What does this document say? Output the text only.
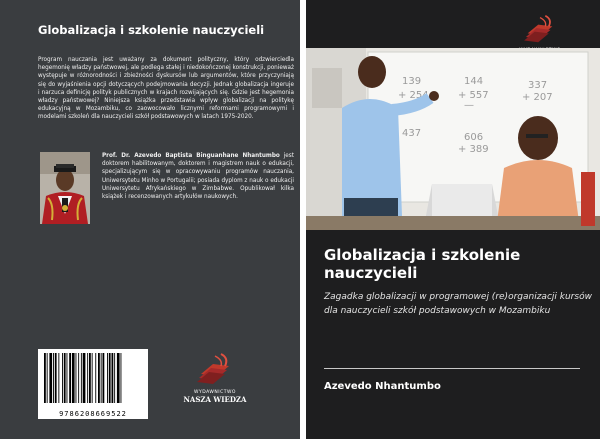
Globalizacja i szkolenie nauczycieli
Program nauczania jest uważany za dokument polityczny, który odzwierciedla hegemonię władzy państwowej, ale podlega stałej i niedokończonej konstrukcji, ponieważ występuje w różnorodności i zbieżności dyskursów lub argumentów, które przyczyniają się do wyjaśnienia opcji dotyczących podejmowania decyzji. Jednak globalizacja ingeruje i narzuca definicję polityk publicznych w krajach rozwijających się. Gdzie jest hegemonia władzy państwowej? Niniejsza książka przedstawia wpływ globalizacji na politykę edukacyjną w Mozambiku, co zaowocowało licznymi reformami programowymi i modelami szkoleń dla nauczycieli szkół podstawowych w latach 1975-2020.
Prof. Dr. Azevedo Baptista Binguanhane Nhantumbo jest doktorem habilitowanym, doktorem i magistrem nauk o edukacji, specjalizującym się w opracowywaniu programów nauczania, Uniwersytetu Minho w Portugalii; posiada dyplom z nauk o edukacji Uniwersytetu Afrykańskiego w Zimbabwe. Opublikował kilka książek i recenzowanych artykułów naukowych.
9786208669522
WYDAWNICTWO
NASZA WIEDZA
139
+ 254
—
437
144
+ 557
—
606
+ 389
337
+ 207
Globalizacja i szkolenie nauczycieli
Zagadka globalizacji w programowej (re)organizacji kursów dla nauczycieli szkół podstawowych w Mozambiku
Azevedo Nhantumbo
